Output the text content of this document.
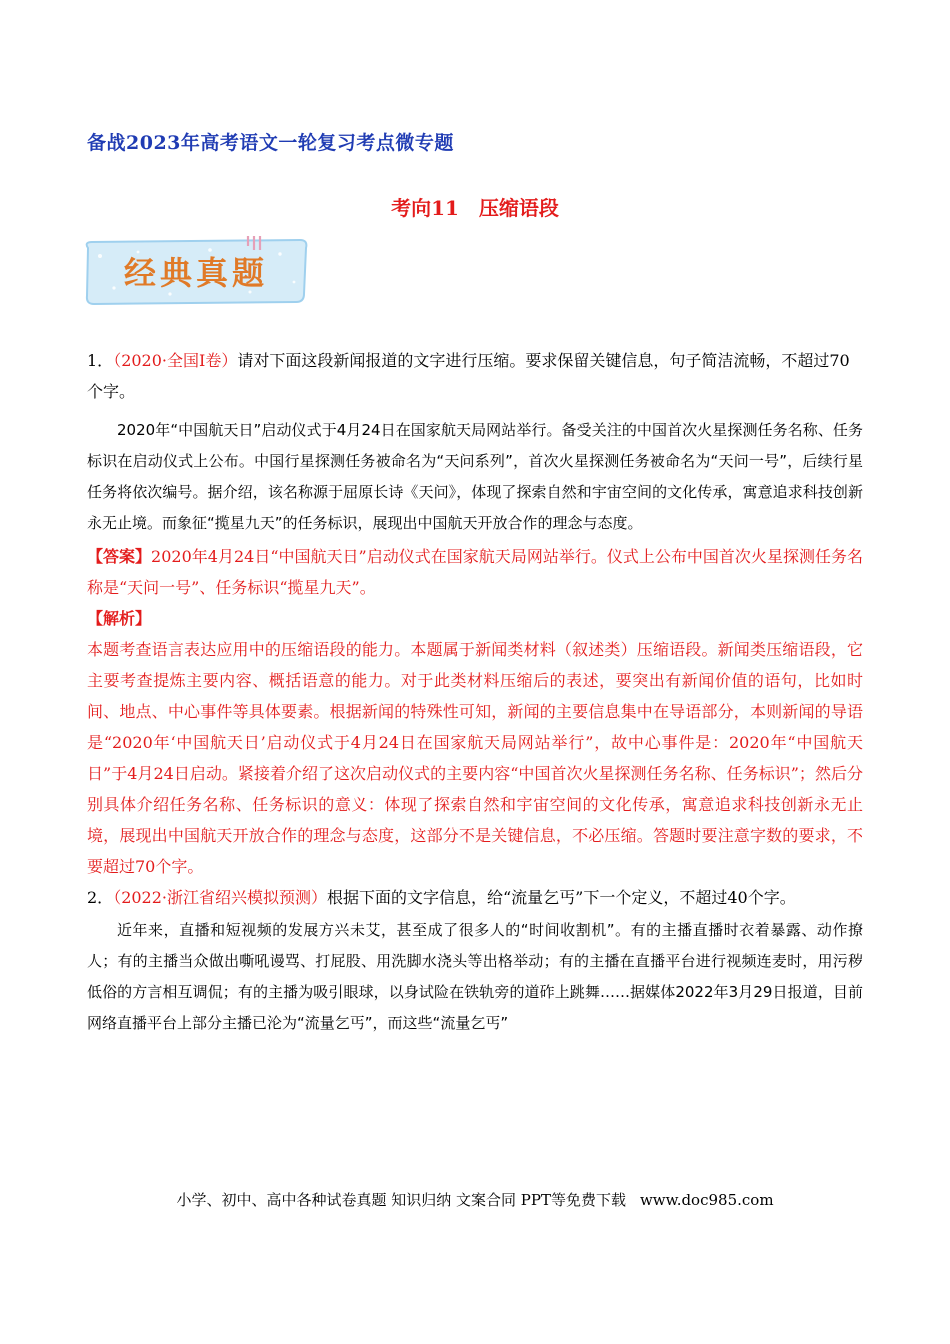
备战2023年高考语文一轮复习考点微专题
考向11　 压缩语段
经典真题

1．（2020·全国Ⅰ卷）请对下面这段新闻报道的文字进行压缩。要求保留关键信息，句子简洁流畅，不超过70个字。

2020年“中国航天日”启动仪式于4月24日在国家航天局网站举行。备受关注的中国首次火星探测任务名称、任务标识在启动仪式上公布。中国行星探测任务被命名为“天问系列”，首次火星探测任务被命名为“天问一号”，后续行星任务将依次编号。据介绍，该名称源于屈原长诗《天问》，体现了探索自然和宇宙空间的文化传承，寓意追求科技创新永无止境。而象征“揽星九天”的任务标识，展现出中国航天开放合作的理念与态度。

【答案】2020年4月24日“中国航天日”启动仪式在国家航天局网站举行。仪式上公布中国首次火星探测任务名称是“天问一号”、任务标识“揽星九天”。

【解析】

本题考查语言表达应用中的压缩语段的能力。本题属于新闻类材料（叙述类）压缩语段。新闻类压缩语段，它主要考查提炼主要内容、概括语意的能力。对于此类材料压缩后的表述，要突出有新闻价值的语句，比如时间、地点、中心事件等具体要素。根据新闻的特殊性可知，新闻的主要信息集中在导语部分，本则新闻的导语是“2020年‘中国航天日’启动仪式于4月24日在国家航天局网站举行”，故中心事件是：2020年“中国航天日”于4月24日启动。紧接着介绍了这次启动仪式的主要内容“中国首次火星探测任务名称、任务标识”；然后分别具体介绍任务名称、任务标识的意义：体现了探索自然和宇宙空间的文化传承，寓意追求科技创新永无止境，展现出中国航天开放合作的理念与态度，这部分不是关键信息，不必压缩。答题时要注意字数的要求，不要超过70个字。

2．（2022·浙江省绍兴模拟预测）根据下面的文字信息，给“流量乞丐”下一个定义，不超过40个字。

近年来，直播和短视频的发展方兴未艾，甚至成了很多人的“时间收割机”。有的主播直播时衣着暴露、动作撩人；有的主播当众做出嘶吼谩骂、打屁股、用洗脚水浇头等出格举动；有的主播在直播平台进行视频连麦时，用污秽低俗的方言相互调侃；有的主播为吸引眼球，以身试险在铁轨旁的道砟上跳舞……据媒体2022年3月29日报道，目前网络直播平台上部分主播已沦为“流量乞丐”，而这些“流量乞丐”

小学、初中、高中各种试卷真题 知识归纳 文案合同 PPT等免费下载 www.doc985.com
